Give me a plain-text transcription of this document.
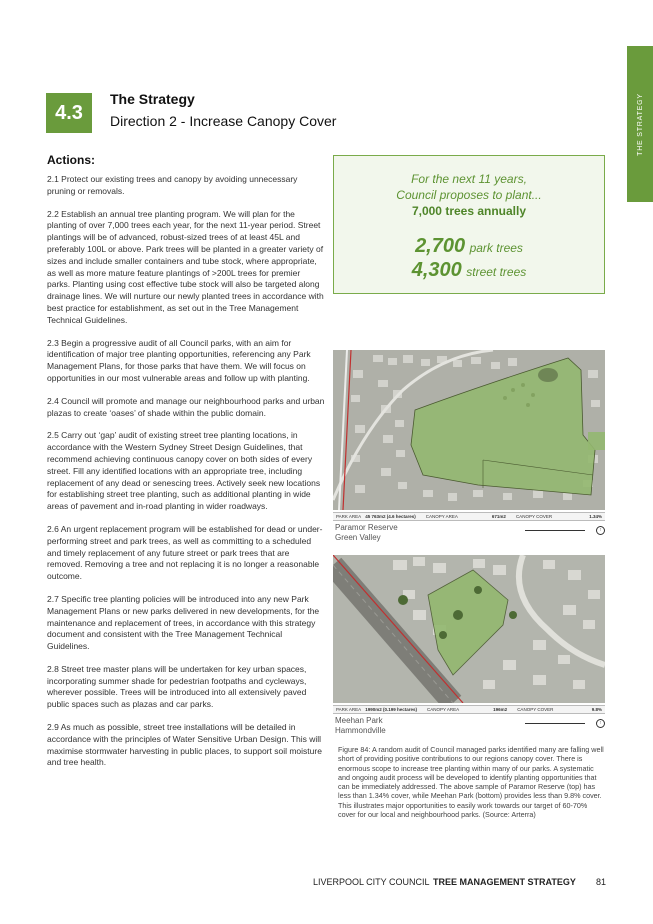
THE STRATEGY
4.3
The Strategy
Direction 2 - Increase Canopy Cover
Actions:

2.1 Protect our existing trees and canopy by avoiding unnecessary pruning or removals.

2.2 Establish an annual tree planting program. We will plan for the planting of over 7,000 trees each year, for the next 11-year period. Street plantings will be of advanced, robust-sized trees of at least 45L and preferably 100L or above. Park trees will be planted in a greater variety of sizes and include smaller containers and tube stock, where appropriate, as well as more mature feature plantings of >200L trees for premier parks. Planting using cost effective tube stock will also be targeted along drainage lines. We will nurture our newly planted trees in accordance with best practice for establishment, as set out in the Tree Management Technical Guidelines.

2.3 Begin a progressive audit of all Council parks, with an aim for identification of major tree planting opportunities, referencing any Park Management Plans, for those parks that have them. We will focus on opportunities in our most vulnerable areas and follow up with planting.

2.4 Council will promote and manage our neighbourhood parks and urban plazas to create ‘oases’ of shade within the public domain.

2.5 Carry out ‘gap’ audit of existing street tree planting locations, in accordance with the Western Sydney Street Design Guidelines, that recommend achieving continuous canopy cover on both sides of every street. Fill any identified locations with an appropriate tree, including replacement of any dead or senescing trees. Actively seek new locations for establishing street tree planting, such as additional planting in wide areas of pavement and in-road planting in wider roadways.

2.6 An urgent replacement program will be established for dead or under-performing street and park trees, as well as committing to a scheduled and timely replacement of any future street or park trees that are removed. Removing a tree and not replacing it is no longer a reasonable outcome.

2.7 Specific tree planting policies will be introduced into any new Park Management Plans or new parks delivered in new developments, for the maintenance and replacement of trees, in accordance with this strategy document and consistent with the Tree Management Technical Guidelines.

2.8 Street tree master plans will be undertaken for key urban spaces, incorporating summer shade for pedestrian footpaths and cycleways, wherever possible. Trees will be introduced into all extensively paved public spaces such as plazas and car parks.

2.9 As much as possible, street tree installations will be detailed in accordance with the principles of Water Sensitive Urban Design. This will maximise stormwater harvesting in public places, to support soil moisture and tree health.

For the next 11 years,
Council proposes to plant...
7,000 trees annually
2,700 park trees
4,300 street trees
PARK AREA 45 763m2 (4.6 hectares) CANOPY AREA	671m2 CANOPY COVER	1.34%
Paramor Reserve
Green Valley
↑
PARK AREA 1990m2 (0.199 hectares) CANOPY AREA	196m2 CANOPY COVER	9.8%
Meehan Park
Hammondville
↑
Figure 84: A random audit of Council managed parks identified many are falling well short of providing positive contributions to our regions canopy cover. There is enormous scope to increase tree planting within many of our parks. A systematic and ongoing audit process will be developed to identify planting opportunities that can be immediately addressed. The above sample of Paramor Reserve (top) has less than 1.34% cover, while Meehan Park (bottom) provides less than 9.8% cover. This illustrates major opportunities to easily work towards our target of 60-70% cover for our local and neighbourhood parks. (Source: Arterra)
LIVERPOOL CITY COUNCIL TREE MANAGEMENT STRATEGY 81
